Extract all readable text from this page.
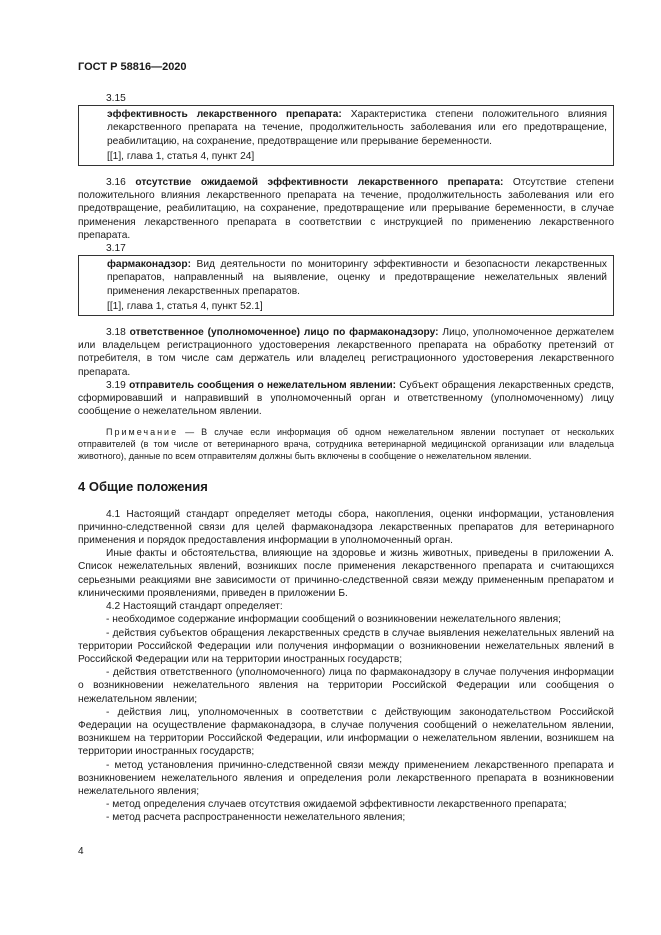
ГОСТ Р 58816—2020

3.15

эффективность лекарственного препарата: Характеристика степени положительного влияния лекарственного препарата на течение, продолжительность заболевания или его предотвращение, реабилитацию, на сохранение, предотвращение или прерывание беременности.

[[1], глава 1, статья 4, пункт 24]

3.16 отсутствие ожидаемой эффективности лекарственного препарата: Отсутствие степени положительного влияния лекарственного препарата на течение, продолжительность заболевания или его предотвращение, реабилитацию, на сохранение, предотвращение или прерывание беременности, в случае применения лекарственного препарата в соответствии с инструкцией по применению лекарственного препарата.

3.17

фармаконадзор: Вид деятельности по мониторингу эффективности и безопасности лекарственных препаратов, направленный на выявление, оценку и предотвращение нежелательных явлений применения лекарственных препаратов.

[[1], глава 1, статья 4, пункт 52.1]

3.18 ответственное (уполномоченное) лицо по фармаконадзору: Лицо, уполномоченное держателем или владельцем регистрационного удостоверения лекарственного препарата на обработку претензий от потребителя, в том числе сам держатель или владелец регистрационного удостоверения лекарственного препарата.

3.19 отправитель сообщения о нежелательном явлении: Субъект обращения лекарственных средств, сформировавший и направивший в уполномоченный орган и ответственному (уполномоченному) лицу сообщение о нежелательном явлении.

Примечание — В случае если информация об одном нежелательном явлении поступает от нескольких отправителей (в том числе от ветеринарного врача, сотрудника ветеринарной медицинской организации или владельца животного), данные по всем отправителям должны быть включены в сообщение о нежелательном явлении.

4 Общие положения

4.1 Настоящий стандарт определяет методы сбора, накопления, оценки информации, установления причинно-следственной связи для целей фармаконадзора лекарственных препаратов для ветеринарного применения и порядок предоставления информации в уполномоченный орган.

Иные факты и обстоятельства, влияющие на здоровье и жизнь животных, приведены в приложении А. Список нежелательных явлений, возникших после применения лекарственного препарата и считающихся серьезными реакциями вне зависимости от причинно-следственной связи между примененным препаратом и клиническими проявлениями, приведен в приложении Б.

4.2 Настоящий стандарт определяет:

- необходимое содержание информации сообщений о возникновении нежелательного явления;

- действия субъектов обращения лекарственных средств в случае выявления нежелательных явлений на территории Российской Федерации или получения информации о возникновении нежелательных явлений в Российской Федерации или на территории иностранных государств;

- действия ответственного (уполномоченного) лица по фармаконадзору в случае получения информации о возникновении нежелательного явления на территории Российской Федерации или сообщения о нежелательном явлении;

- действия лиц, уполномоченных в соответствии с действующим законодательством Российской Федерации на осуществление фармаконадзора, в случае получения сообщений о нежелательном явлении, возникшем на территории Российской Федерации, или информации о нежелательном явлении, возникшем на территории иностранных государств;

- метод установления причинно-следственной связи между применением лекарственного препарата и возникновением нежелательного явления и определения роли лекарственного препарата в возникновении нежелательного явления;

- метод определения случаев отсутствия ожидаемой эффективности лекарственного препарата;

- метод расчета распространенности нежелательного явления;

4
